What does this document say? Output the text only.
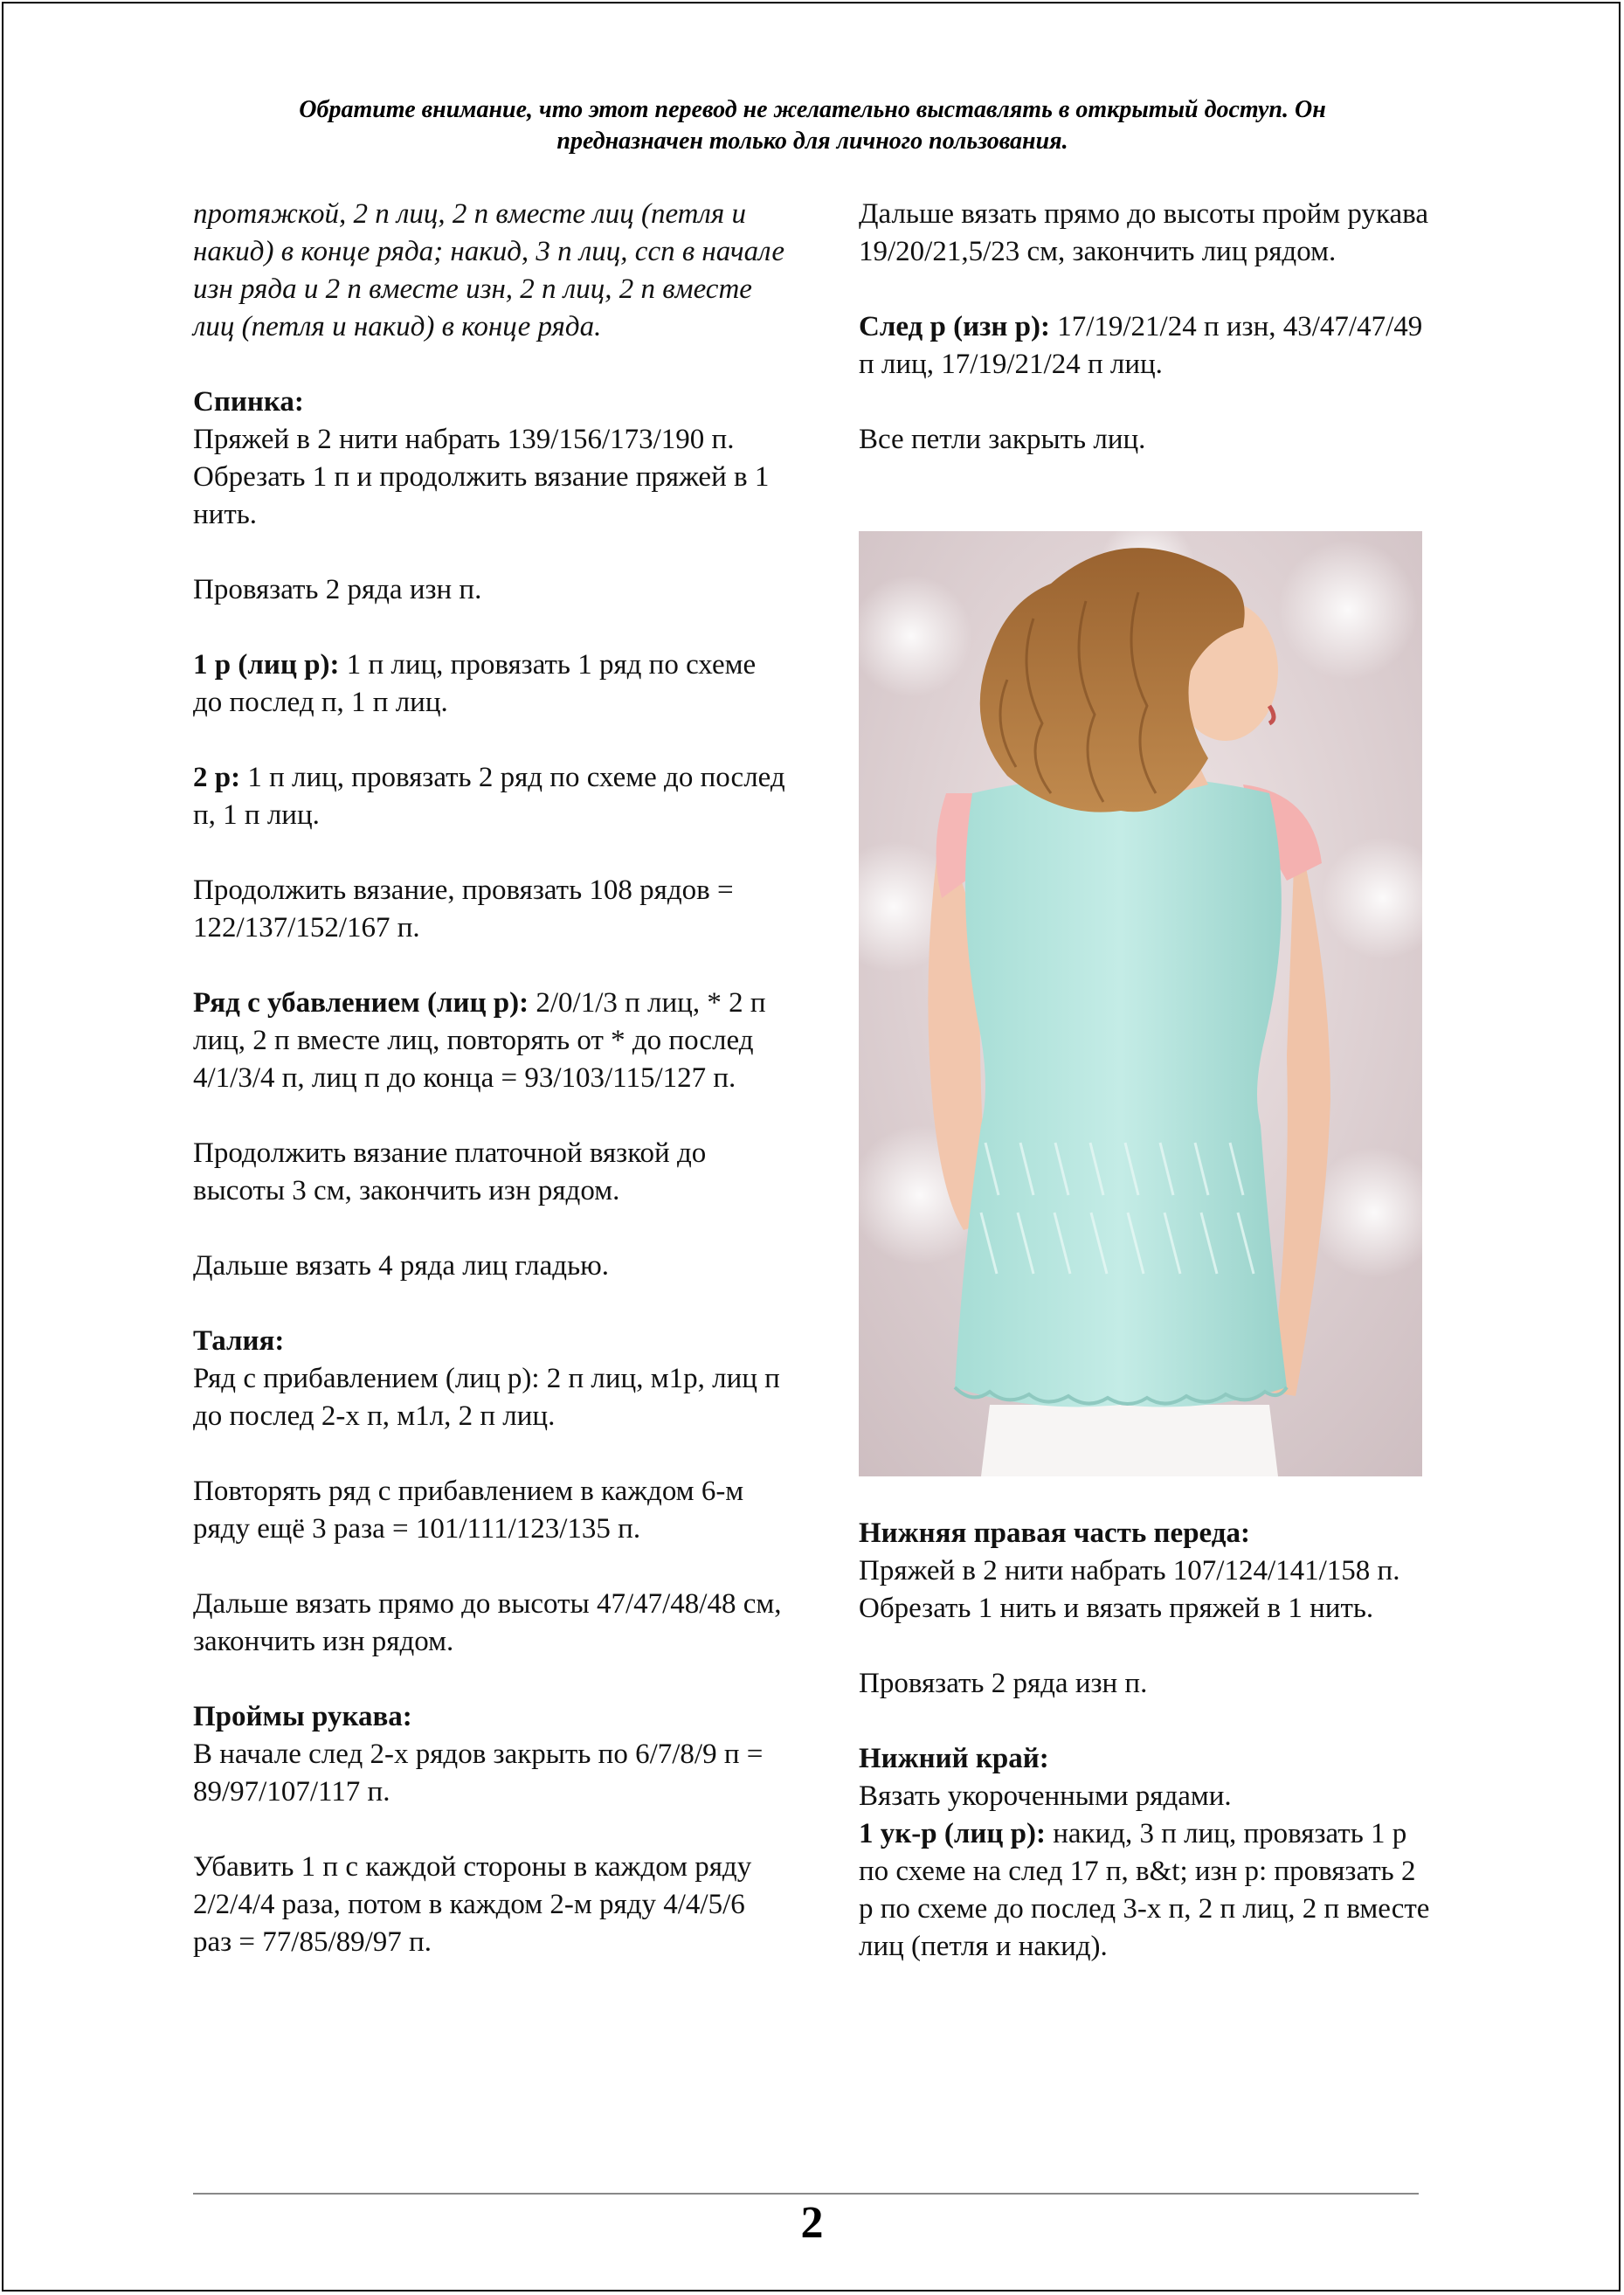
Обратите внимание, что этот перевод не желательно выставлять в открытый доступ. Он
предназначен только для личного пользования.

протяжкой, 2 п лиц, 2 п вместе лиц (петля и накид) в конце ряда; накид, 3 п лиц, ссп в начале изн ряда и 2 п вместе изн, 2 п лиц, 2 п вместе лиц (петля и накид) в конце ряда.

Спинка:
Пряжей в 2 нити набрать 139/156/173/190 п. Обрезать 1 п и продолжить вязание пряжей в 1 нить.

Провязать 2 ряда изн п.

1 р (лиц р): 1 п лиц, провязать 1 ряд по схеме до послед п, 1 п лиц.

2 р: 1 п лиц, провязать 2 ряд по схеме до послед п, 1 п лиц.

Продолжить вязание, провязать 108 рядов = 122/137/152/167 п.

Ряд с убавлением (лиц р): 2/0/1/3 п лиц, * 2 п лиц, 2 п вместе лиц, повторять от * до послед 4/1/3/4 п, лиц п до конца = 93/103/115/127 п.

Продолжить вязание платочной вязкой до высоты 3 см, закончить изн рядом.

Дальше вязать 4 ряда лиц гладью.

Талия:
Ряд с прибавлением (лиц р): 2 п лиц, м1р, лиц п до послед 2-х п, м1л, 2 п лиц.

Повторять ряд с прибавлением в каждом 6-м ряду ещё 3 раза = 101/111/123/135 п.

Дальше вязать прямо до высоты 47/47/48/48 см, закончить изн рядом.

Проймы рукава:
В начале след 2-х рядов закрыть по 6/7/8/9 п = 89/97/107/117 п.

Убавить 1 п с каждой стороны в каждом ряду 2/2/4/4 раза, потом в каждом 2-м ряду 4/4/5/6 раз = 77/85/89/97 п.

Дальше вязать прямо до высоты пройм рукава 19/20/21,5/23 см, закончить лиц рядом.

След р (изн р): 17/19/21/24 п изн, 43/47/47/49 п лиц, 17/19/21/24 п лиц.

Все петли закрыть лиц.

Нижняя правая часть переда:
Пряжей в 2 нити набрать 107/124/141/158 п. Обрезать 1 нить и вязать пряжей в 1 нить.

Провязать 2 ряда изн п.

Нижний край:
Вязать укороченными рядами.
1 ук-р (лиц р): накид, 3 п лиц, провязать 1 р по схеме на след 17 п, в&t; изн р: провязать 2 р по схеме до послед 3-х п, 2 п лиц, 2 п вместе лиц (петля и накид).

2
